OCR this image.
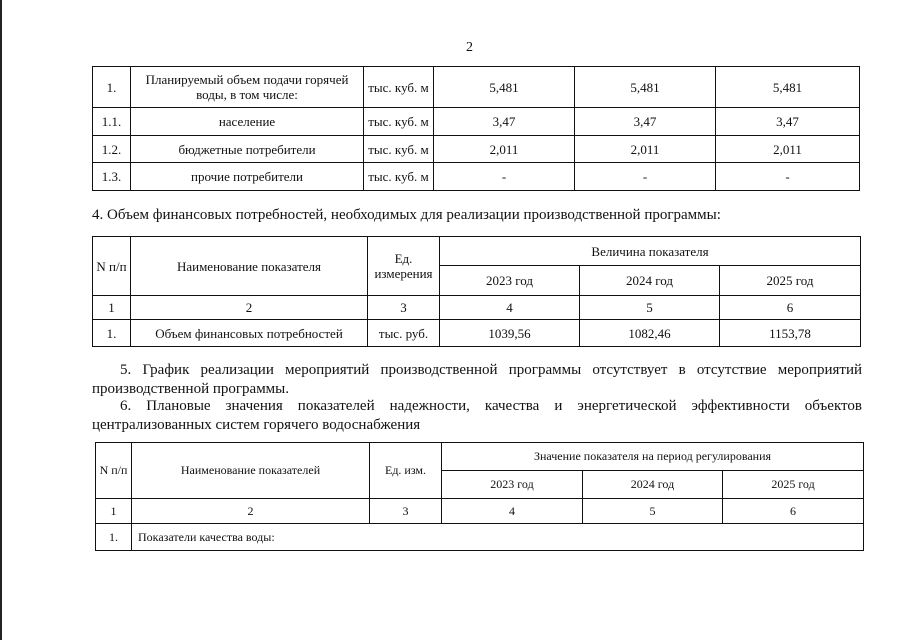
2
1.	Планируемый объем подачи горячей воды, в том числе:	тыс. куб. м	5,481	5,481	5,481
1.1.	население	тыс. куб. м	3,47	3,47	3,47
1.2.	бюджетные потребители	тыс. куб. м	2,011	2,011	2,011
1.3.	прочие потребители	тыс. куб. м	-	-	-
4. Объем финансовых потребностей, необходимых для реализации производственной программы:
N п/п	Наименование показателя	Ед. измерения	Величина показателя		
			2023 год	2024 год	2025 год
1	2	3	4	5	6
1.	Объем финансовых потребностей	тыс. руб.	1039,56	1082,46	1153,78
5. График реализации мероприятий производственной программы отсутствует в отсутствие мероприятий
производственной программы.
6. Плановые значения показателей надежности, качества и энергетической эффективности объектов
централизованных систем горячего водоснабжения
N п/п	Наименование показателей	Ед. изм.	Значение показателя на период регулирования		
			2023 год	2024 год	2025 год
1	2	3	4	5	6
1.	Показатели качества воды:				
